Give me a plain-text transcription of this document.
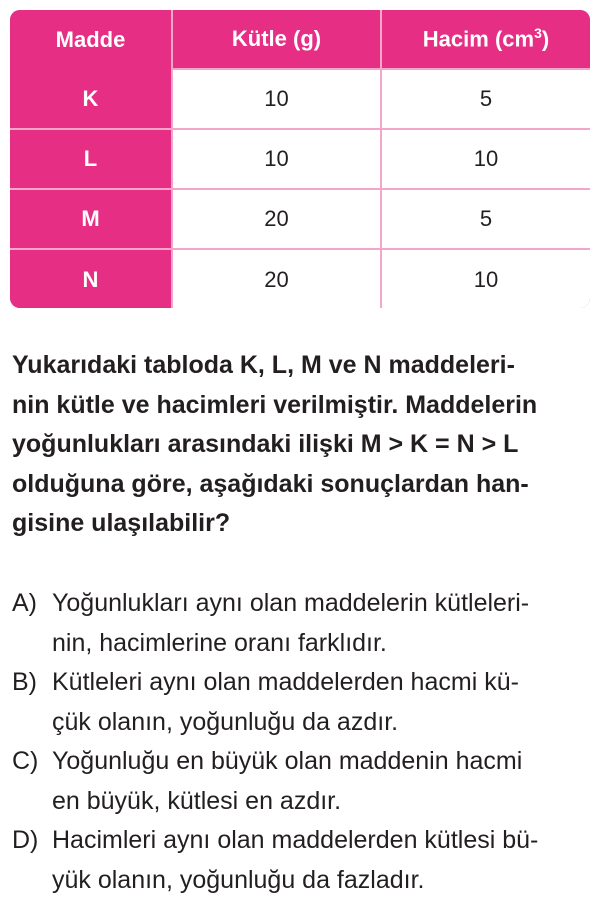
Madde	Kütle (g)	Hacim $(cm^3)$
K	10	5
L	10	10
M	20	5
N	20	10

Yukarıdaki tabloda K, L, M ve N maddeleri-
nin kütle ve hacimleri verilmiştir. Maddelerin
yoğunlukları arasındaki ilişki M > K = N > L
olduğuna göre, aşağıdaki sonuçlardan han-
gisine ulaşılabilir?

A) Yoğunlukları aynı olan maddelerin kütleleri-
nin, hacimlerine oranı farklıdır.
B) Kütleleri aynı olan maddelerden hacmi kü-
çük olanın, yoğunluğu da azdır.
C) Yoğunluğu en büyük olan maddenin hacmi
en büyük, kütlesi en azdır.
D) Hacimleri aynı olan maddelerden kütlesi bü-
yük olanın, yoğunluğu da fazladır.
